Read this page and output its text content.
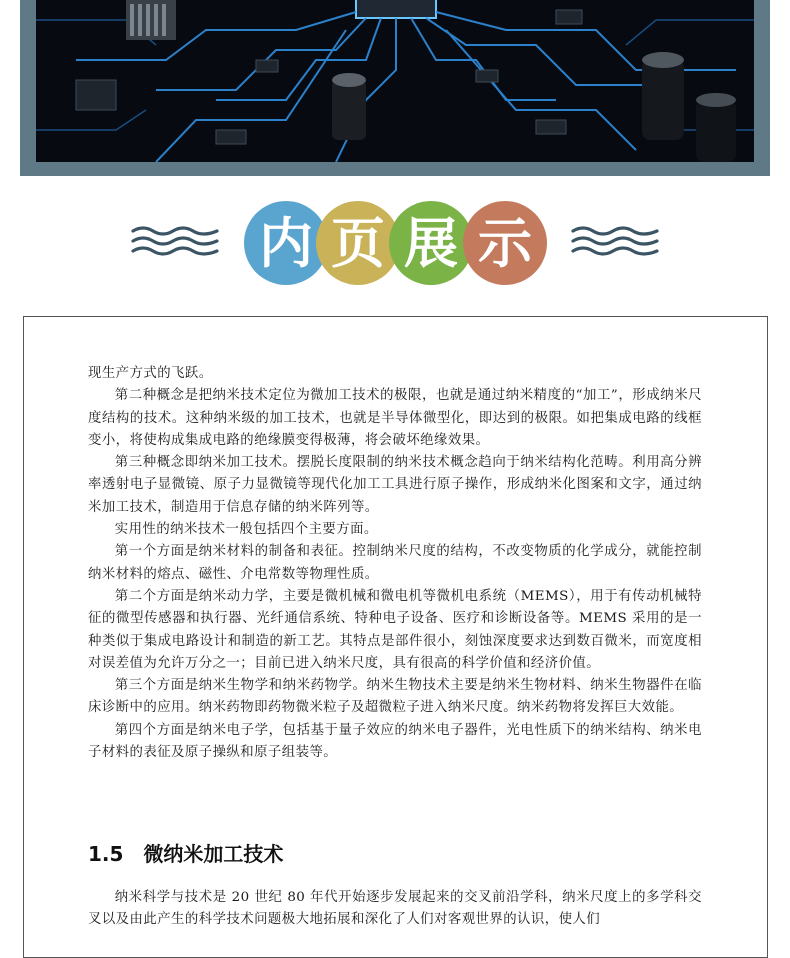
内 页 展 示

现生产方式的飞跃。

第二种概念是把纳米技术定位为微加工技术的极限，也就是通过纳米精度的“加工”，形成纳米尺度结构的技术。这种纳米级的加工技术，也就是半导体微型化，即达到的极限。如把集成电路的线框变小，将使构成集成电路的绝缘膜变得极薄，将会破坏绝缘效果。

第三种概念即纳米加工技术。摆脱长度限制的纳米技术概念趋向于纳米结构化范畴。利用高分辨率透射电子显微镜、原子力显微镜等现代化加工工具进行原子操作，形成纳米化图案和文字，通过纳米加工技术，制造用于信息存储的纳米阵列等。

实用性的纳米技术一般包括四个主要方面。

第一个方面是纳米材料的制备和表征。控制纳米尺度的结构，不改变物质的化学成分，就能控制纳米材料的熔点、磁性、介电常数等物理性质。

第二个方面是纳米动力学，主要是微机械和微电机等微机电系统（MEMS），用于有传动机械特征的微型传感器和执行器、光纤通信系统、特种电子设备、医疗和诊断设备等。MEMS 采用的是一种类似于集成电路设计和制造的新工艺。其特点是部件很小，刻蚀深度要求达到数百微米，而宽度相对误差值为允许万分之一；目前已进入纳米尺度，具有很高的科学价值和经济价值。

第三个方面是纳米生物学和纳米药物学。纳米生物技术主要是纳米生物材料、纳米生物器件在临床诊断中的应用。纳米药物即药物微米粒子及超微粒子进入纳米尺度。纳米药物将发挥巨大效能。

第四个方面是纳米电子学，包括基于量子效应的纳米电子器件，光电性质下的纳米结构、纳米电子材料的表征及原子操纵和原子组装等。

1.5 微纳米加工技术

纳米科学与技术是 20 世纪 80 年代开始逐步发展起来的交叉前沿学科，纳米尺度上的多学科交叉以及由此产生的科学技术问题极大地拓展和深化了人们对客观世界的认识，使人们
